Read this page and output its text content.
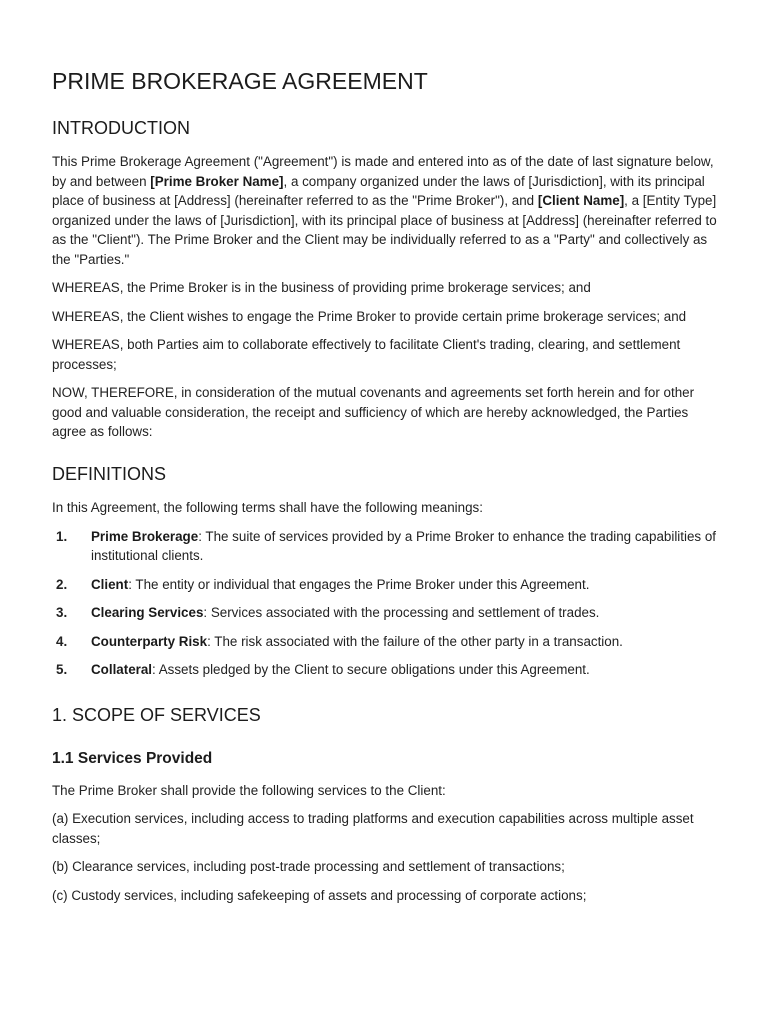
PRIME BROKERAGE AGREEMENT
INTRODUCTION

This Prime Brokerage Agreement ("Agreement") is made and entered into as of the date of last signature below, by and between [Prime Broker Name], a company organized under the laws of [Jurisdiction], with its principal place of business at [Address] (hereinafter referred to as the "Prime Broker"), and [Client Name], a [Entity Type] organized under the laws of [Jurisdiction], with its principal place of business at [Address] (hereinafter referred to as the "Client"). The Prime Broker and the Client may be individually referred to as a "Party" and collectively as the "Parties."

WHEREAS, the Prime Broker is in the business of providing prime brokerage services; and

WHEREAS, the Client wishes to engage the Prime Broker to provide certain prime brokerage services; and

WHEREAS, both Parties aim to collaborate effectively to facilitate Client's trading, clearing, and settlement processes;

NOW, THEREFORE, in consideration of the mutual covenants and agreements set forth herein and for other good and valuable consideration, the receipt and sufficiency of which are hereby acknowledged, the Parties agree as follows:

DEFINITIONS

In this Agreement, the following terms shall have the following meanings:

1.	Prime Brokerage: The suite of services provided by a Prime Broker to enhance the trading capabilities of institutional clients.
2.	Client: The entity or individual that engages the Prime Broker under this Agreement.
3.	Clearing Services: Services associated with the processing and settlement of trades.
4.	Counterparty Risk: The risk associated with the failure of the other party in a transaction.
5.	Collateral: Assets pledged by the Client to secure obligations under this Agreement.
1. SCOPE OF SERVICES
1.1 Services Provided

The Prime Broker shall provide the following services to the Client:

(a) Execution services, including access to trading platforms and execution capabilities across multiple asset classes;

(b) Clearance services, including post-trade processing and settlement of transactions;

(c) Custody services, including safekeeping of assets and processing of corporate actions;
